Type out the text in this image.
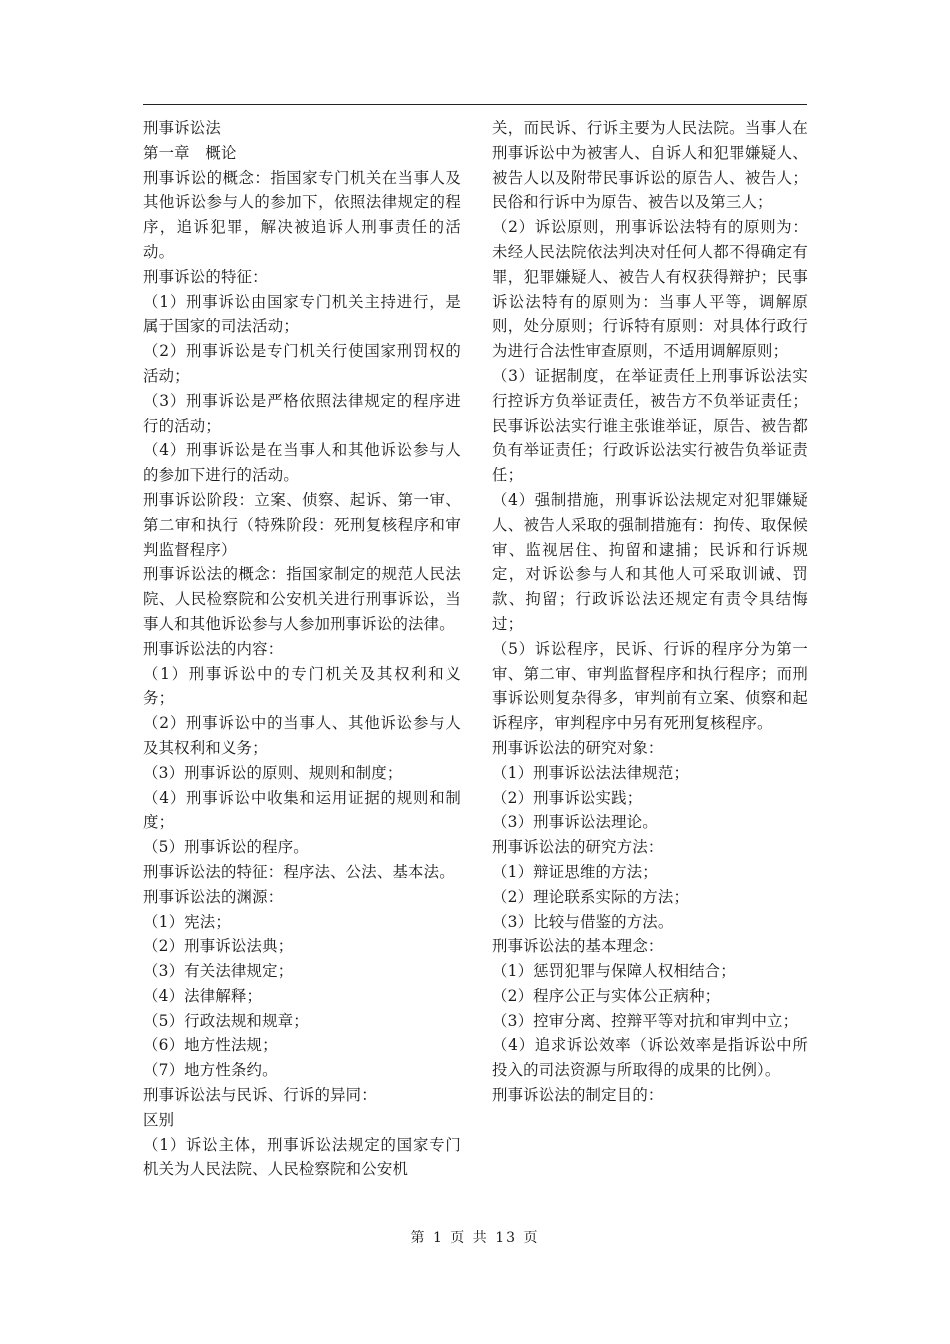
刑事诉讼法

第一章　概论

刑事诉讼的概念：指国家专门机关在当事人及其他诉讼参与人的参加下，依照法律规定的程序，追诉犯罪，解决被追诉人刑事责任的活动。

刑事诉讼的特征：

（1）刑事诉讼由国家专门机关主持进行，是属于国家的司法活动；

（2）刑事诉讼是专门机关行使国家刑罚权的活动；

（3）刑事诉讼是严格依照法律规定的程序进行的活动；

（4）刑事诉讼是在当事人和其他诉讼参与人的参加下进行的活动。

刑事诉讼阶段：立案、侦察、起诉、第一审、第二审和执行（特殊阶段：死刑复核程序和审判监督程序）

刑事诉讼法的概念：指国家制定的规范人民法院、人民检察院和公安机关进行刑事诉讼，当事人和其他诉讼参与人参加刑事诉讼的法律。

刑事诉讼法的内容：

（1）刑事诉讼中的专门机关及其权利和义务；

（2）刑事诉讼中的当事人、其他诉讼参与人及其权利和义务；

（3）刑事诉讼的原则、规则和制度；

（4）刑事诉讼中收集和运用证据的规则和制度；

（5）刑事诉讼的程序。

刑事诉讼法的特征：程序法、公法、基本法。

刑事诉讼法的渊源：

（1）宪法；

（2）刑事诉讼法典；

（3）有关法律规定；

（4）法律解释；

（5）行政法规和规章；

（6）地方性法规；

（7）地方性条约。

刑事诉讼法与民诉、行诉的异同：

区别

（1）诉讼主体，刑事诉讼法规定的国家专门机关为人民法院、人民检察院和公安机

关，而民诉、行诉主要为人民法院。当事人在刑事诉讼中为被害人、自诉人和犯罪嫌疑人、被告人以及附带民事诉讼的原告人、被告人；民俗和行诉中为原告、被告以及第三人；

（2）诉讼原则，刑事诉讼法特有的原则为：未经人民法院依法判决对任何人都不得确定有罪，犯罪嫌疑人、被告人有权获得辩护；民事诉讼法特有的原则为：当事人平等，调解原则，处分原则；行诉特有原则：对具体行政行为进行合法性审查原则，不适用调解原则；

（3）证据制度，在举证责任上刑事诉讼法实行控诉方负举证责任，被告方不负举证责任；民事诉讼法实行谁主张谁举证，原告、被告都负有举证责任；行政诉讼法实行被告负举证责任；

（4）强制措施，刑事诉讼法规定对犯罪嫌疑人、被告人采取的强制措施有：拘传、取保候审、监视居住、拘留和逮捕；民诉和行诉规定，对诉讼参与人和其他人可采取训诫、罚款、拘留；行政诉讼法还规定有责令具结悔过；

（5）诉讼程序，民诉、行诉的程序分为第一审、第二审、审判监督程序和执行程序；而刑事诉讼则复杂得多，审判前有立案、侦察和起诉程序，审判程序中另有死刑复核程序。

刑事诉讼法的研究对象：

（1）刑事诉讼法法律规范；

（2）刑事诉讼实践；

（3）刑事诉讼法理论。

刑事诉讼法的研究方法：

（1）辩证思维的方法；

（2）理论联系实际的方法；

（3）比较与借鉴的方法。

刑事诉讼法的基本理念：

（1）惩罚犯罪与保障人权相结合；

（2）程序公正与实体公正病种；

（3）控审分离、控辩平等对抗和审判中立；

（4）追求诉讼效率（诉讼效率是指诉讼中所投入的司法资源与所取得的成果的比例）。

刑事诉讼法的制定目的：

第 1 页 共 13 页
